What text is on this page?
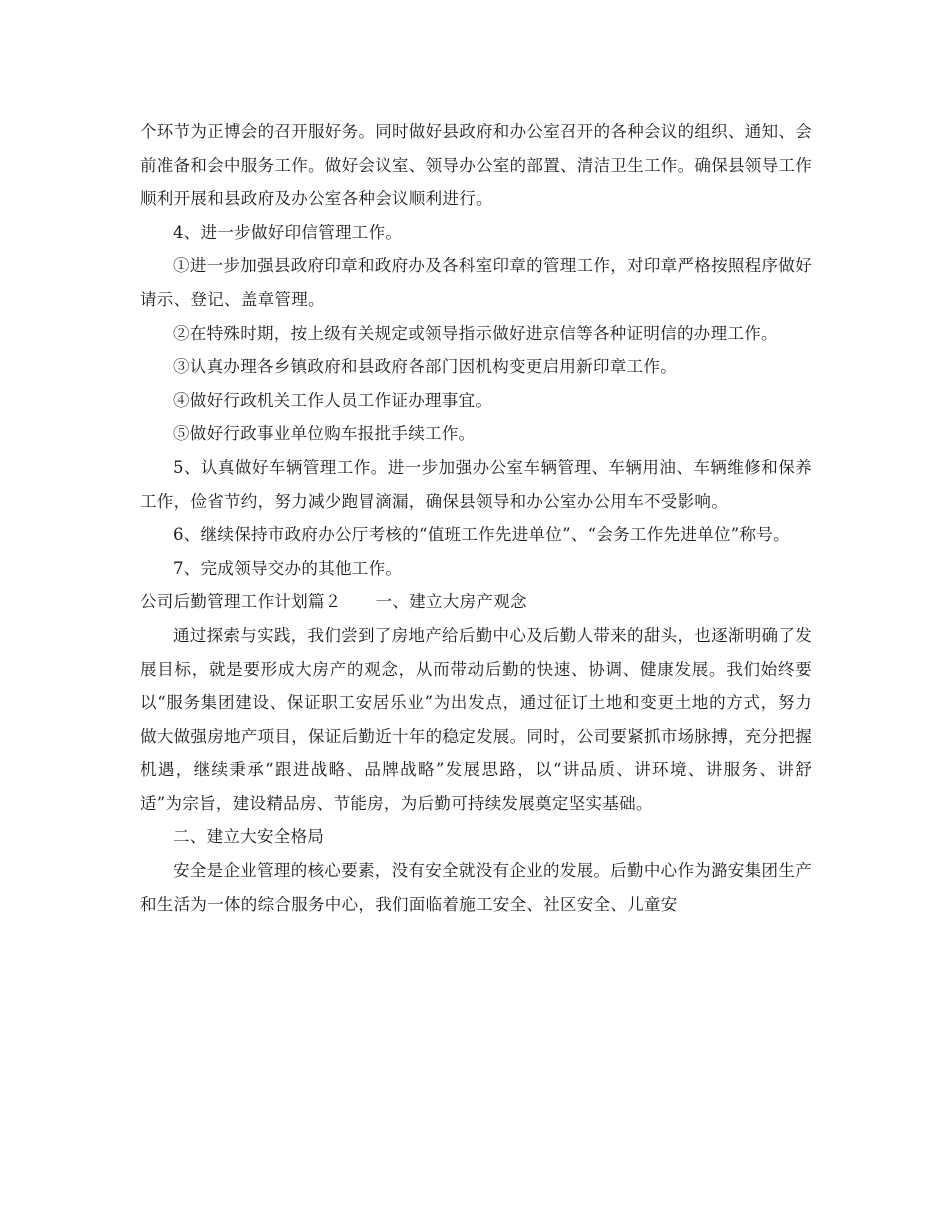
个环节为正博会的召开服好务。同时做好县政府和办公室召开的各种会议的组织、通知、会前准备和会中服务工作。做好会议室、领导办公室的部置、清洁卫生工作。确保县领导工作顺利开展和县政府及办公室各种会议顺利进行。

4、进一步做好印信管理工作。

①进一步加强县政府印章和政府办及各科室印章的管理工作，对印章严格按照程序做好请示、登记、盖章管理。

②在特殊时期，按上级有关规定或领导指示做好进京信等各种证明信的办理工作。

③认真办理各乡镇政府和县政府各部门因机构变更启用新印章工作。

④做好行政机关工作人员工作证办理事宜。

⑤做好行政事业单位购车报批手续工作。

5、认真做好车辆管理工作。进一步加强办公室车辆管理、车辆用油、车辆维修和保养工作，俭省节约，努力减少跑冒滴漏，确保县领导和办公室办公用车不受影响。

6、继续保持市政府办公厅考核的“值班工作先进单位”、“会务工作先进单位”称号。

7、完成领导交办的其他工作。

公司后勤管理工作计划篇２ 一、建立大房产观念

通过探索与实践，我们尝到了房地产给后勤中心及后勤人带来的甜头，也逐渐明确了发展目标，就是要形成大房产的观念，从而带动后勤的快速、协调、健康发展。我们始终要以“服务集团建设、保证职工安居乐业”为出发点，通过征订土地和变更土地的方式，努力做大做强房地产项目，保证后勤近十年的稳定发展。同时，公司要紧抓市场脉搏，充分把握机遇，继续秉承“跟进战略、品牌战略”发展思路，以“讲品质、讲环境、讲服务、讲舒适”为宗旨，建设精品房、节能房，为后勤可持续发展奠定坚实基础。

二、建立大安全格局

安全是企业管理的核心要素，没有安全就没有企业的发展。后勤中心作为潞安集团生产和生活为一体的综合服务中心，我们面临着施工安全、社区安全、儿童安
